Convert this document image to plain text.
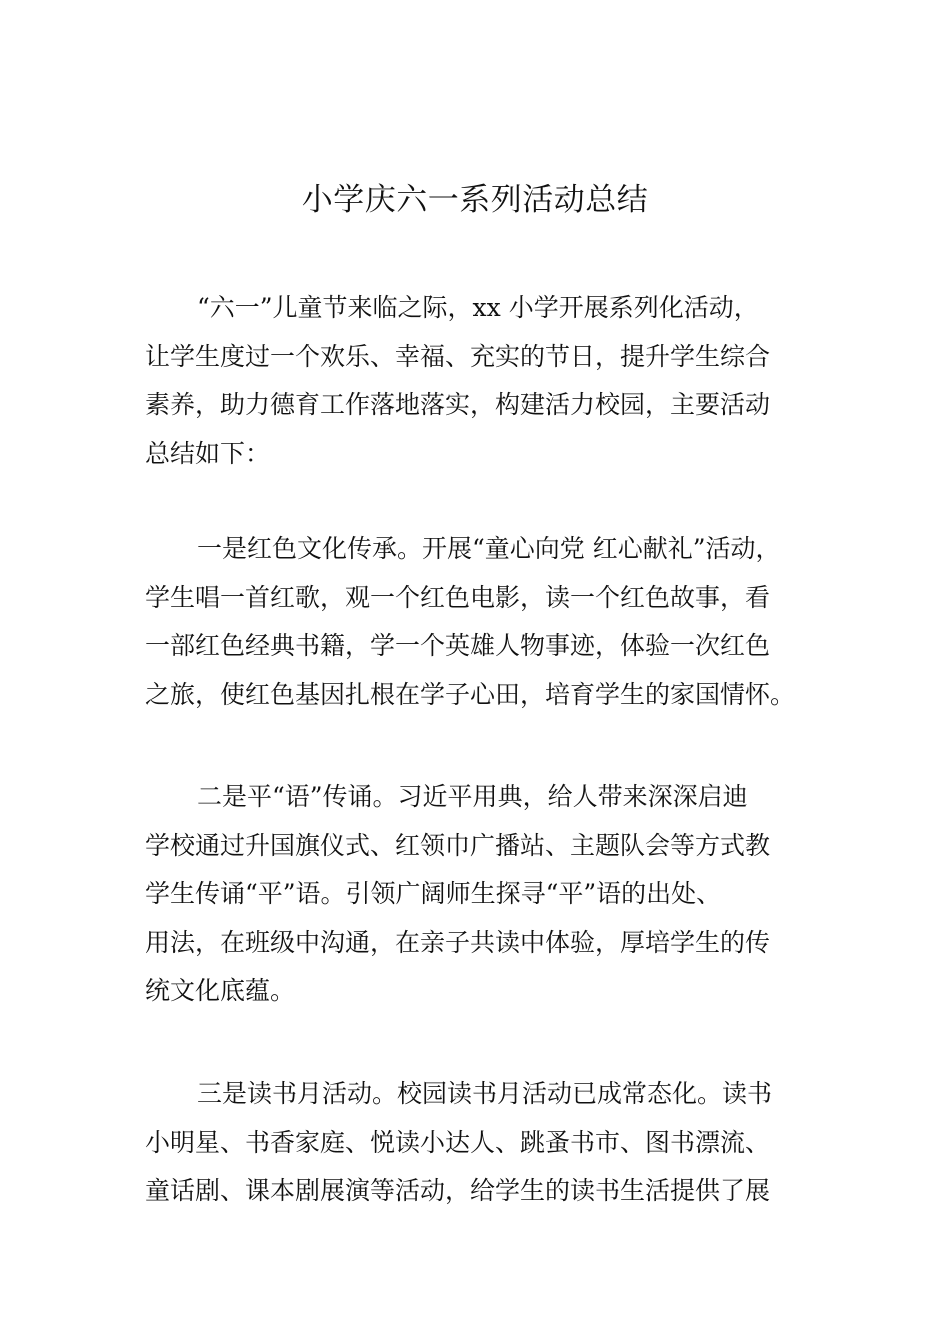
小学庆六一系列活动总结
“六一”儿童节来临之际，xx 小学开展系列化活动，
让学生度过一个欢乐、幸福、充实的节日，提升学生综合
素养，助力德育工作落地落实，构建活力校园，主要活动
总结如下：
一是红色文化传承。开展“童心向党 红心献礼”活动，
学生唱一首红歌，观一个红色电影，读一个红色故事，看
一部红色经典书籍，学一个英雄人物事迹，体验一次红色
之旅，使红色基因扎根在学子心田，培育学生的家国情怀。
二是平“语”传诵。习近平用典，给人带来深深启迪
学校通过升国旗仪式、红领巾广播站、主题队会等方式教
学生传诵“平”语。引领广阔师生探寻“平”语的出处、
用法，在班级中沟通，在亲子共读中体验，厚培学生的传
统文化底蕴。
三是读书月活动。校园读书月活动已成常态化。读书
小明星、书香家庭、悦读小达人、跳蚤书市、图书漂流、
童话剧、课本剧展演等活动，给学生的读书生活提供了展
